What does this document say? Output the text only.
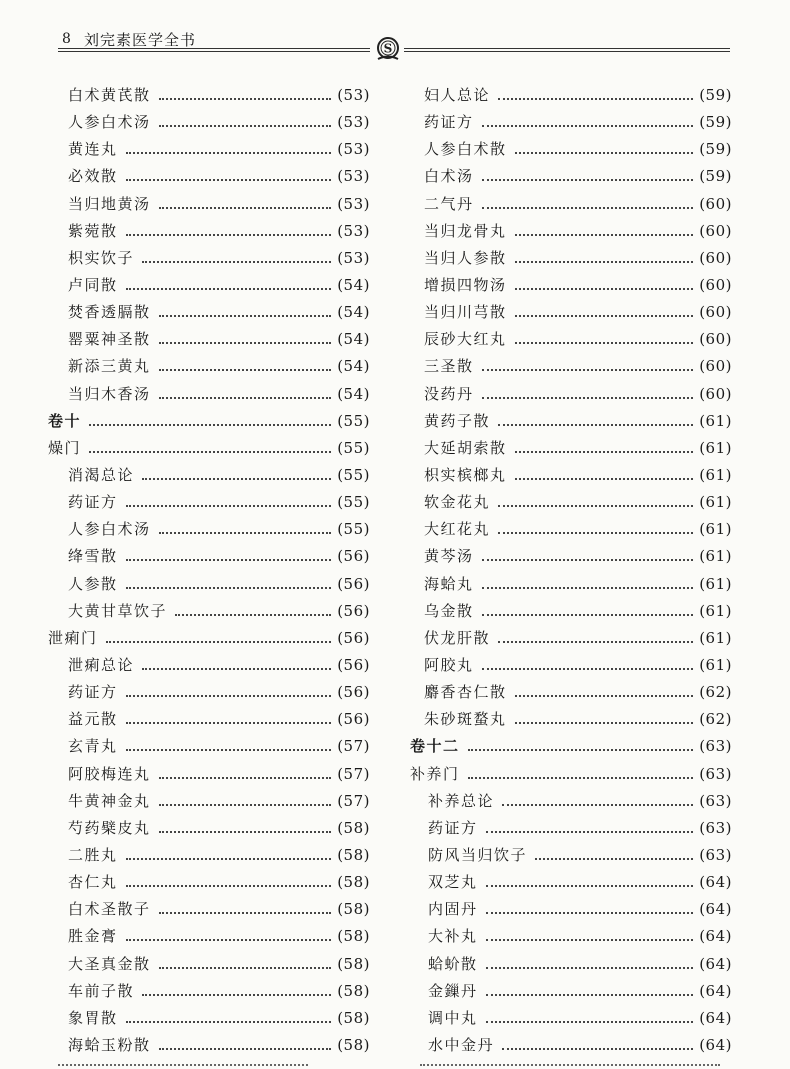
8 刘完素医学全书	S
白术黄芪散	(53)
人参白术汤	(53)
黄连丸	(53)
必效散	(53)
当归地黄汤	(53)
紫菀散	(53)
枳实饮子	(53)
卢同散	(54)
焚香透膈散	(54)
罂粟神圣散	(54)
新添三黄丸	(54)
当归木香汤	(54)
卷十	(55)
燥门	(55)
消渴总论	(55)
药证方	(55)
人参白术汤	(55)
绛雪散	(56)
人参散	(56)
大黄甘草饮子	(56)
泄痢门	(56)
泄痢总论	(56)
药证方	(56)
益元散	(56)
玄青丸	(57)
阿胶梅连丸	(57)
牛黄神金丸	(57)
芍药檗皮丸	(58)
二胜丸	(58)
杏仁丸	(58)
白术圣散子	(58)
胜金膏	(58)
大圣真金散	(58)
车前子散	(58)
象胃散	(58)
海蛤玉粉散	(58)
妇人总论	(59)
药证方	(59)
人参白术散	(59)
白术汤	(59)
二气丹	(60)
当归龙骨丸	(60)
当归人参散	(60)
增损四物汤	(60)
当归川芎散	(60)
辰砂大红丸	(60)
三圣散	(60)
没药丹	(60)
黄药子散	(61)
大延胡索散	(61)
枳实槟榔丸	(61)
软金花丸	(61)
大红花丸	(61)
黄芩汤	(61)
海蛤丸	(61)
乌金散	(61)
伏龙肝散	(61)
阿胶丸	(61)
麝香杏仁散	(62)
朱砂斑蝥丸	(62)
卷十二	(63)
补养门	(63)
补养总论	(63)
药证方	(63)
防风当归饮子	(63)
双芝丸	(64)
内固丹	(64)
大补丸	(64)
蛤蚧散	(64)
金鏁丹	(64)
调中丸	(64)
水中金丹	(64)
